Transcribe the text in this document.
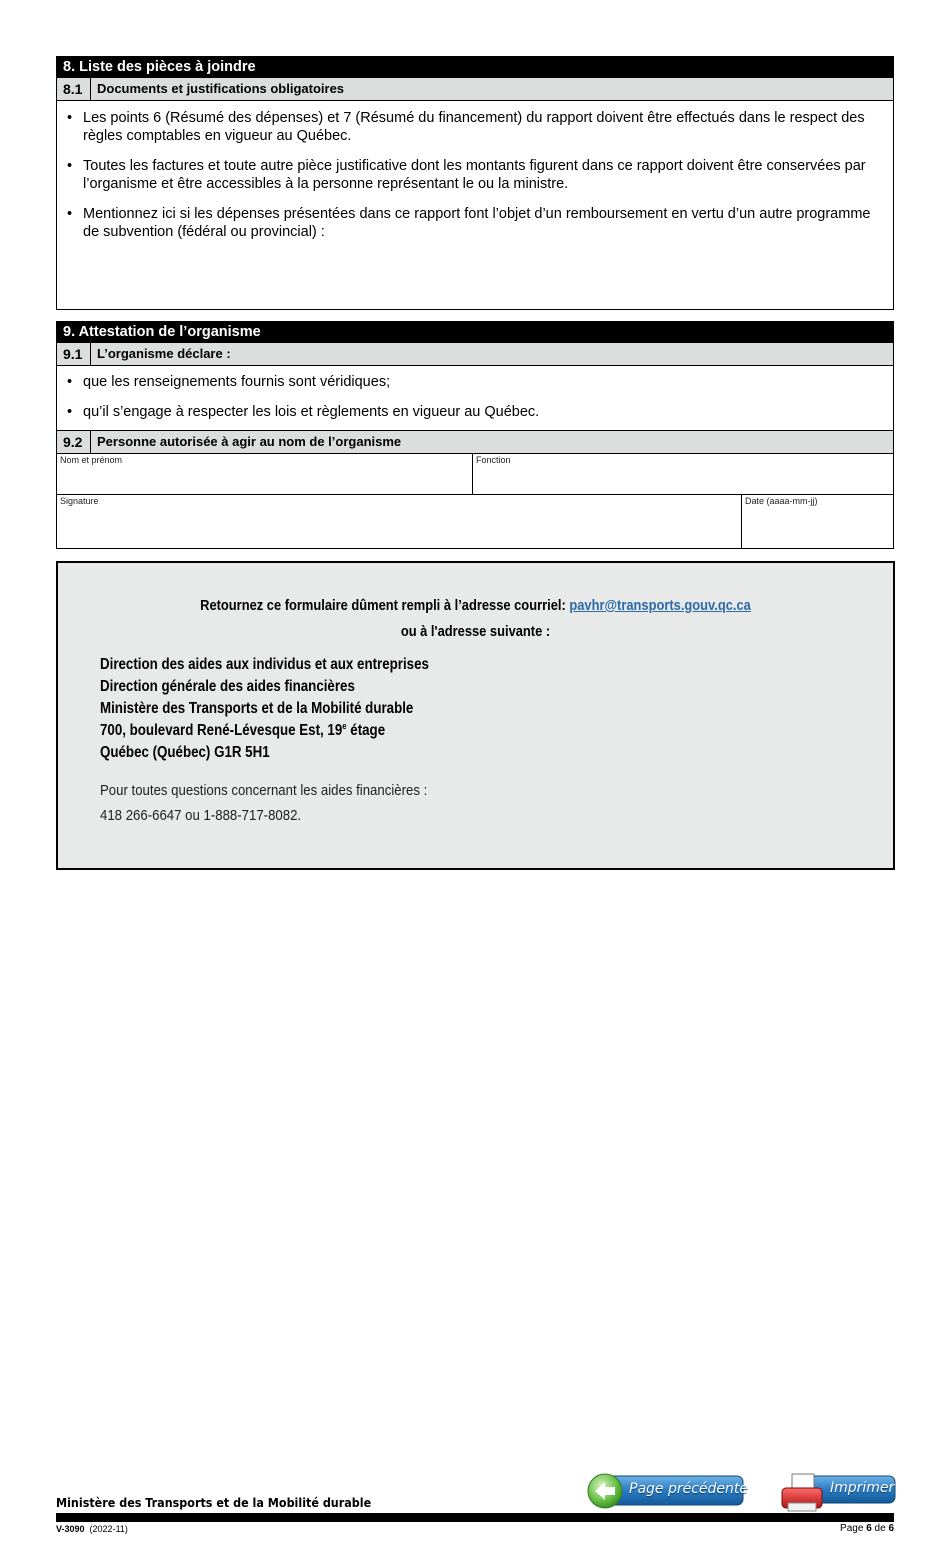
8. Liste des pièces à joindre
8.1	Documents et justifications obligatoires
• Les points 6 (Résumé des dépenses) et 7 (Résumé du financement) du rapport doivent être effectués dans le respect des règles comptables en vigueur au Québec.
• Toutes les factures et toute autre pièce justificative dont les montants figurent dans ce rapport doivent être conservées par l’organisme et être accessibles à la personne représentant le ou la ministre.
• Mentionnez ici si les dépenses présentées dans ce rapport font l’objet d’un remboursement en vertu d’un autre programme de subvention (fédéral ou provincial) :
9. Attestation de l’organisme
9.1	L’organisme déclare :
• que les renseignements fournis sont véridiques;
• qu’il s’engage à respecter les lois et règlements en vigueur au Québec.
9.2	Personne autorisée à agir au nom de l’organisme
Nom et prénom	Fonction
Signature	Date (aaaa-mm-jj)
Retournez ce formulaire dûment rempli à l’adresse courriel: pavhr@transports.gouv.qc.ca
ou à l'adresse suivante :
Direction des aides aux individus et aux entreprises
Direction générale des aides financières
Ministère des Transports et de la Mobilité durable
700, boulevard René-Lévesque Est, 19e étage
Québec (Québec) G1R 5H1
Pour toutes questions concernant les aides financières :
418 266-6647 ou 1-888-717-8082.
Page précédente	Imprimer
Ministère des Transports et de la Mobilité durable
V-3090 (2022-11)	Page 6 de 6
